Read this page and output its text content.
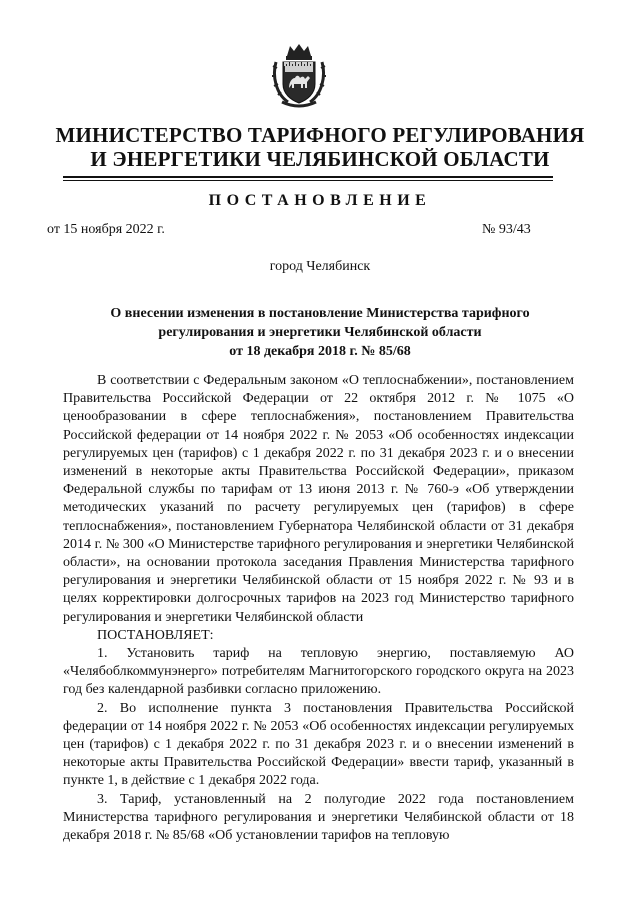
МИНИСТЕРСТВО ТАРИФНОГО РЕГУЛИРОВАНИЯ
И ЭНЕРГЕТИКИ ЧЕЛЯБИНСКОЙ ОБЛАСТИ
ПОСТАНОВЛЕНИЕ
от 15 ноября 2022 г.	№ 93/43
город Челябинск
О внесении изменения в постановление Министерства тарифного
регулирования и энергетики Челябинской области
от 18 декабря 2018 г. № 85/68

В соответствии с Федеральным законом «О теплоснабжении», постановлением Правительства Российской Федерации от 22 октября 2012 г. № 1075 «О ценообразовании в сфере теплоснабжения», постановлением Правительства Российской федерации от 14 ноября 2022 г. № 2053 «Об особенностях индексации регулируемых цен (тарифов) с 1 декабря 2022 г. по 31 декабря 2023 г. и о внесении изменений в некоторые акты Правительства Российской Федерации», приказом Федеральной службы по тарифам от 13 июня 2013 г. № 760-э «Об утверждении методических указаний по расчету регулируемых цен (тарифов) в сфере теплоснабжения», постановлением Губернатора Челябинской области от 31 декабря 2014 г. № 300 «О Министерстве тарифного регулирования и энергетики Челябинской области», на основании протокола заседания Правления Министерства тарифного регулирования и энергетики Челябинской области от 15 ноября 2022 г. № 93 и в целях корректировки долгосрочных тарифов на 2023 год Министерство тарифного регулирования и энергетики Челябинской области

ПОСТАНОВЛЯЕТ:

1. Установить тариф на тепловую энергию, поставляемую АО «Челябоблкоммунэнерго» потребителям Магнитогорского городского округа на 2023 год без календарной разбивки согласно приложению.

2. Во исполнение пункта 3 постановления Правительства Российской федерации от 14 ноября 2022 г. № 2053 «Об особенностях индексации регулируемых цен (тарифов) с 1 декабря 2022 г. по 31 декабря 2023 г. и о внесении изменений в некоторые акты Правительства Российской Федерации» ввести тариф, указанный в пункте 1, в действие с 1 декабря 2022 года.

3. Тариф, установленный на 2 полугодие 2022 года постановлением Министерства тарифного регулирования и энергетики Челябинской области от 18 декабря 2018 г. № 85/68 «Об установлении тарифов на тепловую
